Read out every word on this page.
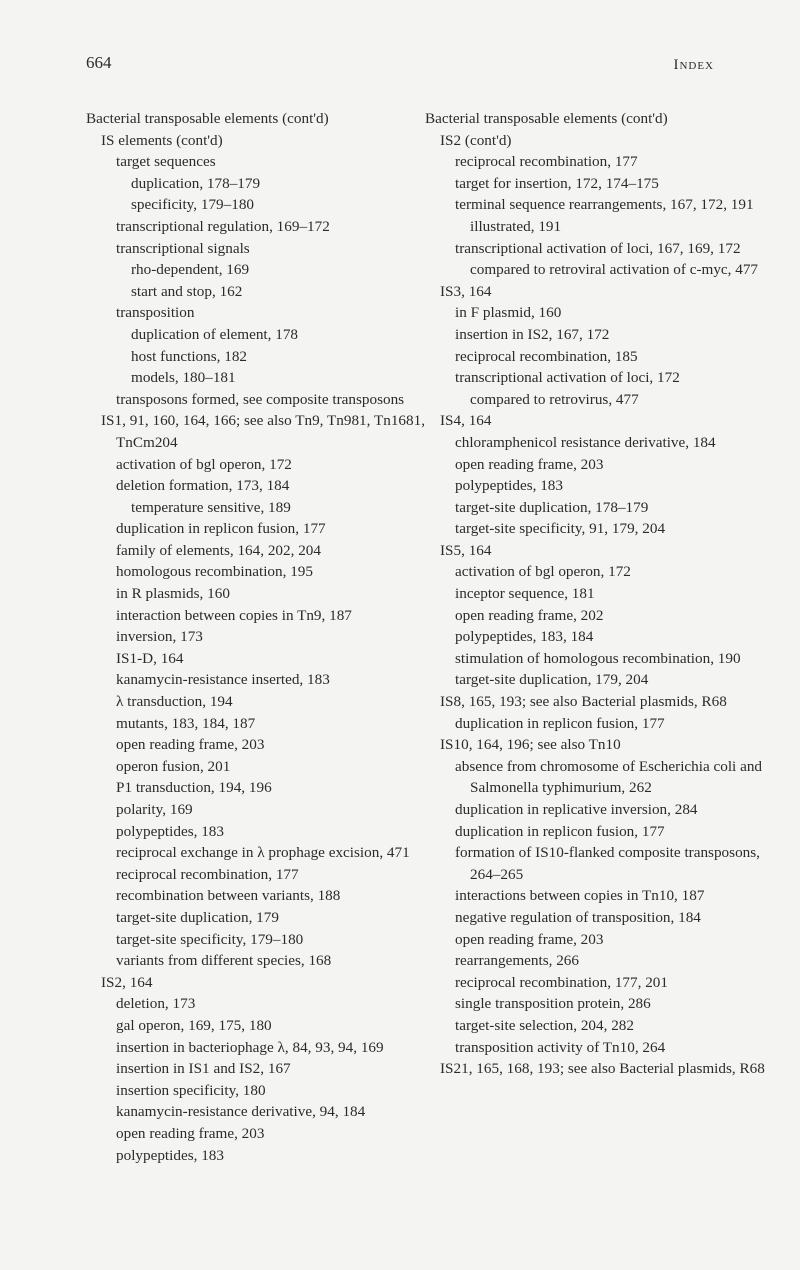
664	Index
Bacterial transposable elements (cont'd)
IS elements (cont'd)
target sequences
duplication, 178–179
specificity, 179–180
transcriptional regulation, 169–172
transcriptional signals
rho-dependent, 169
start and stop, 162
transposition
duplication of element, 178
host functions, 182
models, 180–181
transposons formed, see composite transposons
IS1, 91, 160, 164, 166; see also Tn9, Tn981, Tn1681, TnCm204
activation of bgl operon, 172
deletion formation, 173, 184
temperature sensitive, 189
duplication in replicon fusion, 177
family of elements, 164, 202, 204
homologous recombination, 195
in R plasmids, 160
interaction between copies in Tn9, 187
inversion, 173
IS1-D, 164
kanamycin-resistance inserted, 183
λ transduction, 194
mutants, 183, 184, 187
open reading frame, 203
operon fusion, 201
P1 transduction, 194, 196
polarity, 169
polypeptides, 183
reciprocal exchange in λ prophage excision, 471
reciprocal recombination, 177
recombination between variants, 188
target-site duplication, 179
target-site specificity, 179–180
variants from different species, 168
IS2, 164
deletion, 173
gal operon, 169, 175, 180
insertion in bacteriophage λ, 84, 93, 94, 169
insertion in IS1 and IS2, 167
insertion specificity, 180
kanamycin-resistance derivative, 94, 184
open reading frame, 203
polypeptides, 183
Bacterial transposable elements (cont'd)
IS2 (cont'd)
reciprocal recombination, 177
target for insertion, 172, 174–175
terminal sequence rearrangements, 167, 172, 191
illustrated, 191
transcriptional activation of loci, 167, 169, 172
compared to retroviral activation of c-myc, 477
IS3, 164
in F plasmid, 160
insertion in IS2, 167, 172
reciprocal recombination, 185
transcriptional activation of loci, 172
compared to retrovirus, 477
IS4, 164
chloramphenicol resistance derivative, 184
open reading frame, 203
polypeptides, 183
target-site duplication, 178–179
target-site specificity, 91, 179, 204
IS5, 164
activation of bgl operon, 172
inceptor sequence, 181
open reading frame, 202
polypeptides, 183, 184
stimulation of homologous recombination, 190
target-site duplication, 179, 204
IS8, 165, 193; see also Bacterial plasmids, R68
duplication in replicon fusion, 177
IS10, 164, 196; see also Tn10
absence from chromosome of Escherichia coli and Salmonella typhimurium, 262
duplication in replicative inversion, 284
duplication in replicon fusion, 177
formation of IS10-flanked composite transposons, 264–265
interactions between copies in Tn10, 187
negative regulation of transposition, 184
open reading frame, 203
rearrangements, 266
reciprocal recombination, 177, 201
single transposition protein, 286
target-site selection, 204, 282
transposition activity of Tn10, 264
IS21, 165, 168, 193; see also Bacterial plasmids, R68
